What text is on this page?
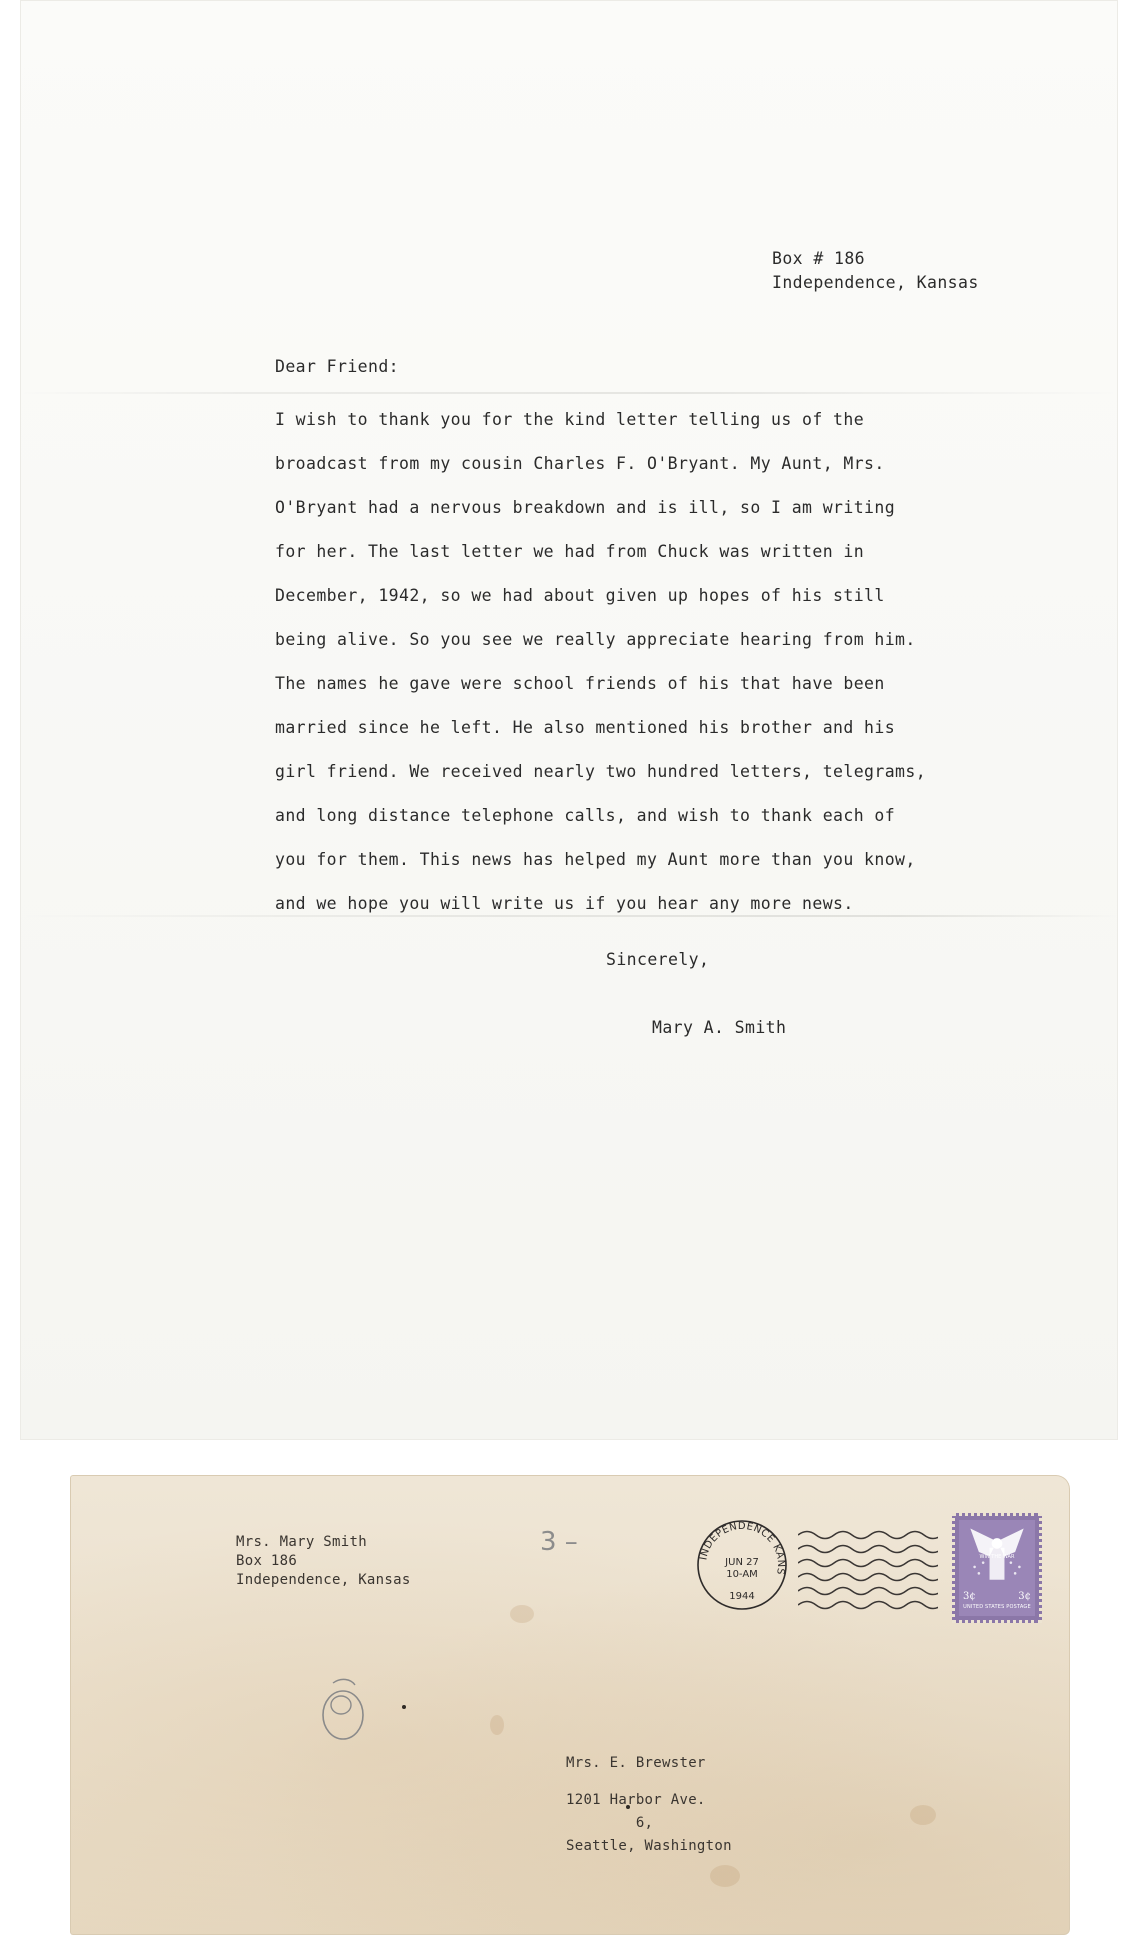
Box # 186
Independence, Kansas
Dear Friend:
I wish to thank you for the kind letter telling us of the
broadcast from my cousin Charles F. O'Bryant. My Aunt, Mrs.
O'Bryant had a nervous breakdown and is ill, so I am writing
for her. The last letter we had from Chuck was written in
December, 1942, so we had about given up hopes of his still
being alive. So you see we really appreciate hearing from him.
The names he gave were school friends of his that have been
married since he left. He also mentioned his brother and his
girl friend. We received nearly two hundred letters, telegrams,
and long distance telephone calls, and wish to thank each of
you for them. This news has helped my Aunt more than you know,
and we hope you will write us if you hear any more news.
Sincerely,
Mary A. Smith
Mrs. Mary Smith
Box 186
Independence, Kansas
3 –
INDEPENDENCE KANS
JUN 27
10-AM
1944
WIN THE WAR
3¢	3¢
UNITED STATES POSTAGE
Mrs. E. Brewster
1201 Harbor Ave.
6,
Seattle, Washington
